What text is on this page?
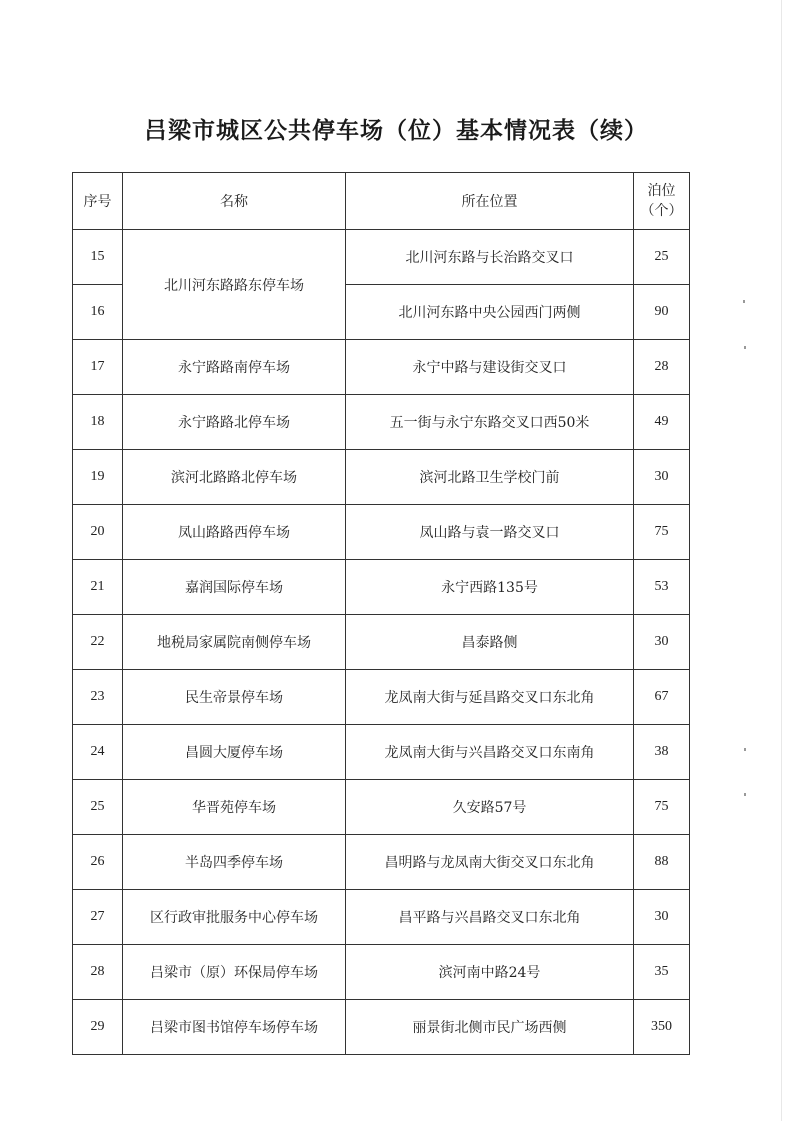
吕梁市城区公共停车场（位）基本情况表（续）
序号	名称	所在位置	泊位
（个）

15	北川河东路路东停车场	北川河东路与长治路交叉口	25
16		北川河东路中央公园西门两侧	90
17	永宁路路南停车场	永宁中路与建设街交叉口	28
18	永宁路路北停车场	五一街与永宁东路交叉口西50米	49
19	滨河北路路北停车场	滨河北路卫生学校门前	30
20	凤山路路西停车场	凤山路与袁一路交叉口	75
21	嘉润国际停车场	永宁西路135号	53
22	地税局家属院南侧停车场	昌泰路侧	30
23	民生帝景停车场	龙凤南大街与延昌路交叉口东北角	67
24	昌圆大厦停车场	龙凤南大街与兴昌路交叉口东南角	38
25	华晋苑停车场	久安路57号	75
26	半岛四季停车场	昌明路与龙凤南大街交叉口东北角	88
27	区行政审批服务中心停车场	昌平路与兴昌路交叉口东北角	30
28	吕梁市（原）环保局停车场	滨河南中路24号	35
29	吕梁市图书馆停车场停车场	丽景街北侧市民广场西侧	350
